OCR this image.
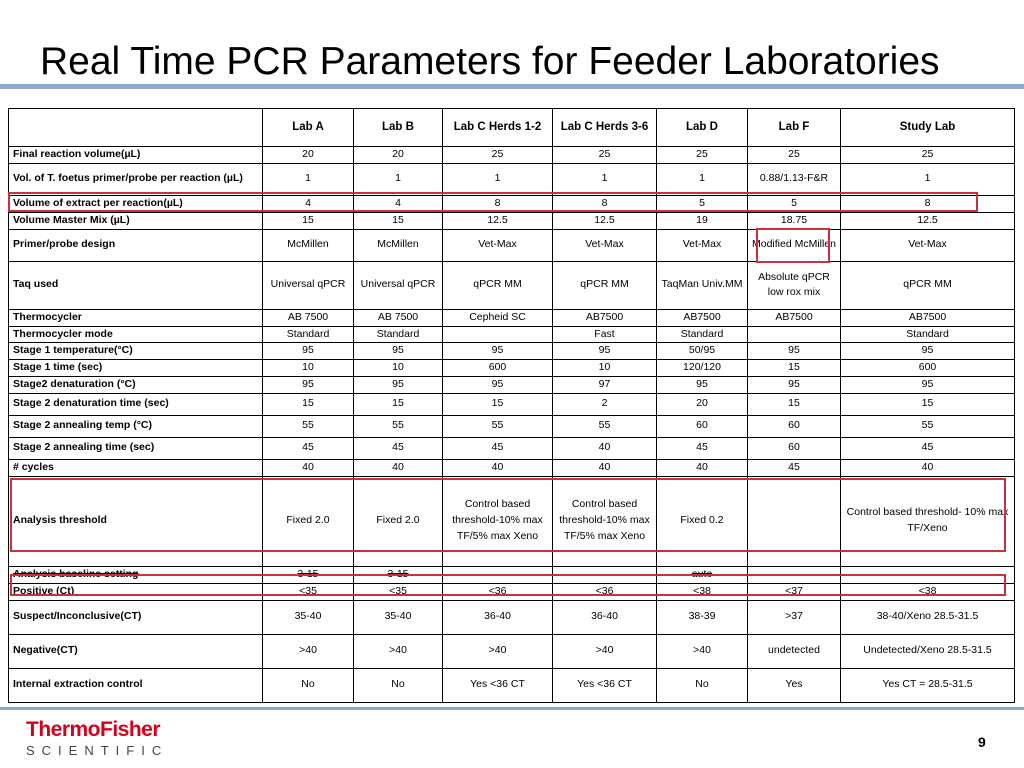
Real Time PCR Parameters for Feeder Laboratories
	Lab A	Lab B	Lab C Herds 1-2	Lab C Herds 3-6	Lab D	Lab F	Study Lab
Final reaction volume(µL)	20	20	25	25	25	25	25
Vol. of T. foetus primer/probe per reaction (µL)	1	1	1	1	1	0.88/1.13-F&R	1
Volume of extract per reaction(µL)	4	4	8	8	5	5	8
Volume Master Mix (µL)	15	15	12.5	12.5	19	18.75	12.5
Primer/probe design	McMillen	McMillen	Vet-Max	Vet-Max	Vet-Max	Modified McMillen	Vet-Max
Taq used	Universal qPCR	Universal qPCR	qPCR MM	qPCR MM	TaqMan Univ.MM	Absolute qPCR low rox mix	qPCR MM
Thermocycler	AB 7500	AB 7500	Cepheid SC	AB7500	AB7500	AB7500	AB7500
Thermocycler mode	Standard	Standard		Fast	Standard		Standard
Stage 1 temperature(°C)	95	95	95	95	50/95	95	95
Stage 1 time (sec)	10	10	600	10	120/120	15	600
Stage2 denaturation (°C)	95	95	95	97	95	95	95
Stage 2 denaturation time (sec)	15	15	15	2	20	15	15
Stage 2 annealing temp (°C)	55	55	55	55	60	60	55
Stage 2 annealing time (sec)	45	45	45	40	45	60	45
# cycles	40	40	40	40	40	45	40
Analysis threshold	Fixed 2.0	Fixed 2.0	Control based threshold-10% max TF/5% max Xeno	Control based threshold-10% max TF/5% max Xeno	Fixed 0.2		Control based threshold- 10% max TF/Xeno
Analysis baseline setting	3-15	3-15			auto		
Positive (Ct)	<35	<35	<36	<36	<38	<37	<38
Suspect/Inconclusive(CT)	35-40	35-40	36-40	36-40	38-39	>37	38-40/Xeno 28.5-31.5
Negative(CT)	>40	>40	>40	>40	>40	undetected	Undetected/Xeno 28.5-31.5
Internal extraction control	No	No	Yes <36 CT	Yes <36 CT	No	Yes	Yes CT = 28.5-31.5
ThermoFisher
SCIENTIFIC
9
